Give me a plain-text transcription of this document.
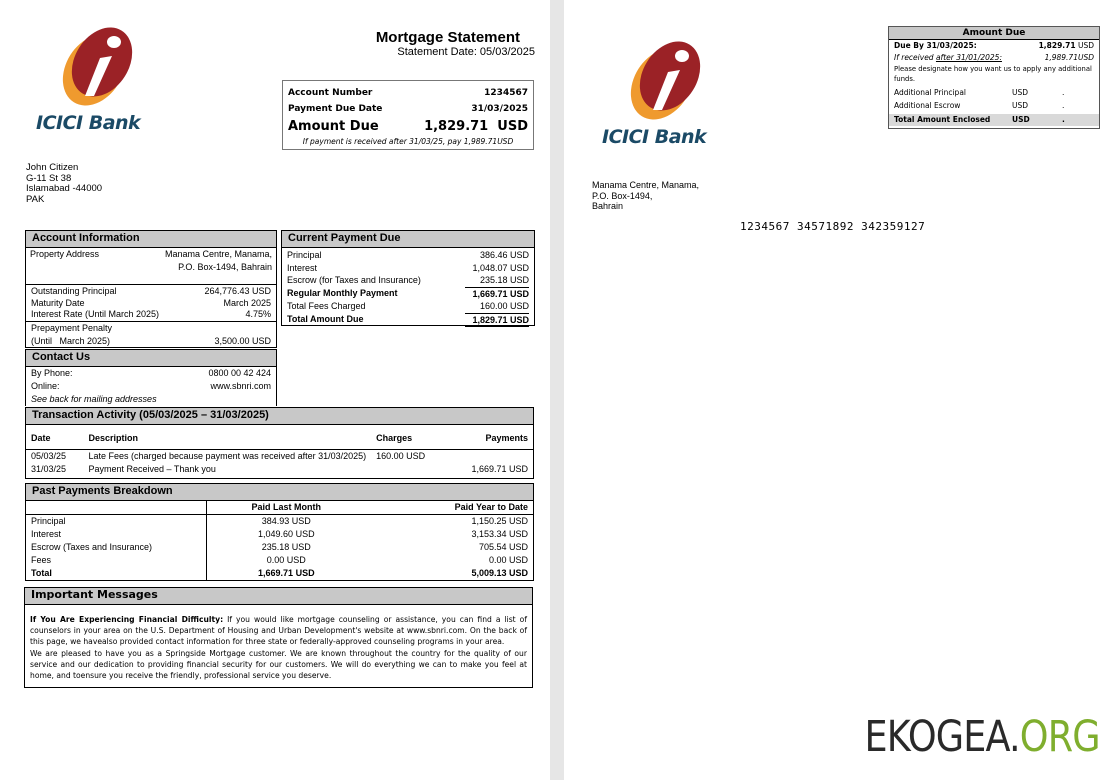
ICICI Bank
Mortgage Statement
Statement Date: 05/03/2025
Account Number	1234567
Payment Due Date	31/03/2025
Amount Due	1,829.71  USD
If payment is received after 31/03/25, pay 1,989.71USD
John Citizen
G-11 St 38
Islamabad -44000
PAK
Account Information
Property Address	Manama Centre, Manama,
P.O. Box-1494, Bahrain
Outstanding Principal	264,776.43 USD
Maturity Date	March 2025
Interest Rate (Until March 2025)	4.75%
Prepayment Penalty
(Until   March 2025)	3,500.00 USD
Contact Us
By Phone:	0800 00 42 424
Online:	www.sbnri.com
See back for mailing addresses
Current Payment Due
Principal	386.46 USD
Interest	1,048.07 USD
Escrow (for Taxes and Insurance)	235.18 USD
Regular Monthly Payment	1,669.71 USD
Total Fees Charged	160.00 USD
Total Amount Due	1,829.71 USD
Transaction Activity (05/03/2025 – 31/03/2025)
Date	Description	Charges	Payments
05/03/25	Late Fees (charged because payment was received after 31/03/2025)	160.00 USD	
31/03/25	Payment Received – Thank you		1,669.71 USD
Past Payments Breakdown
	Paid Last Month	Paid Year to Date
Principal	384.93 USD	1,150.25 USD
Interest	1,049.60 USD	3,153.34 USD
Escrow (Taxes and Insurance)	235.18 USD	705.54 USD
Fees	0.00 USD	0.00 USD
Total	1,669.71 USD	5,009.13 USD
Important Messages

If You Are Experiencing Financial Difficulty: If you would like mortgage counseling or assistance, you can find a list of counselors in your area on the U.S. Department of Housing and Urban Development's website at www.sbnri.com. On the back of this page, we havealso provided contact information for three state or federally-approved counseling programs in your area.

We are pleased to have you as a Springside Mortgage customer. We are known throughout the country for the quality of our service and our dedication to providing financial security for our customers. We will do everything we can to make you feel at home, and toensure you receive the friendly, professional service you deserve.

Amount Due
Due By 31/03/2025:	1,829.71 USD
If received after 31/01/2025:	1,989.71USD
Please designate how you want us to apply any additional funds.
Additional Principal	USD	.
Additional Escrow	USD	.
Total Amount Enclosed	USD	.
ICICI Bank
Manama Centre, Manama,
P.O. Box-1494,
Bahrain
1234567 34571892 342359127
EKOGEA.ORG
